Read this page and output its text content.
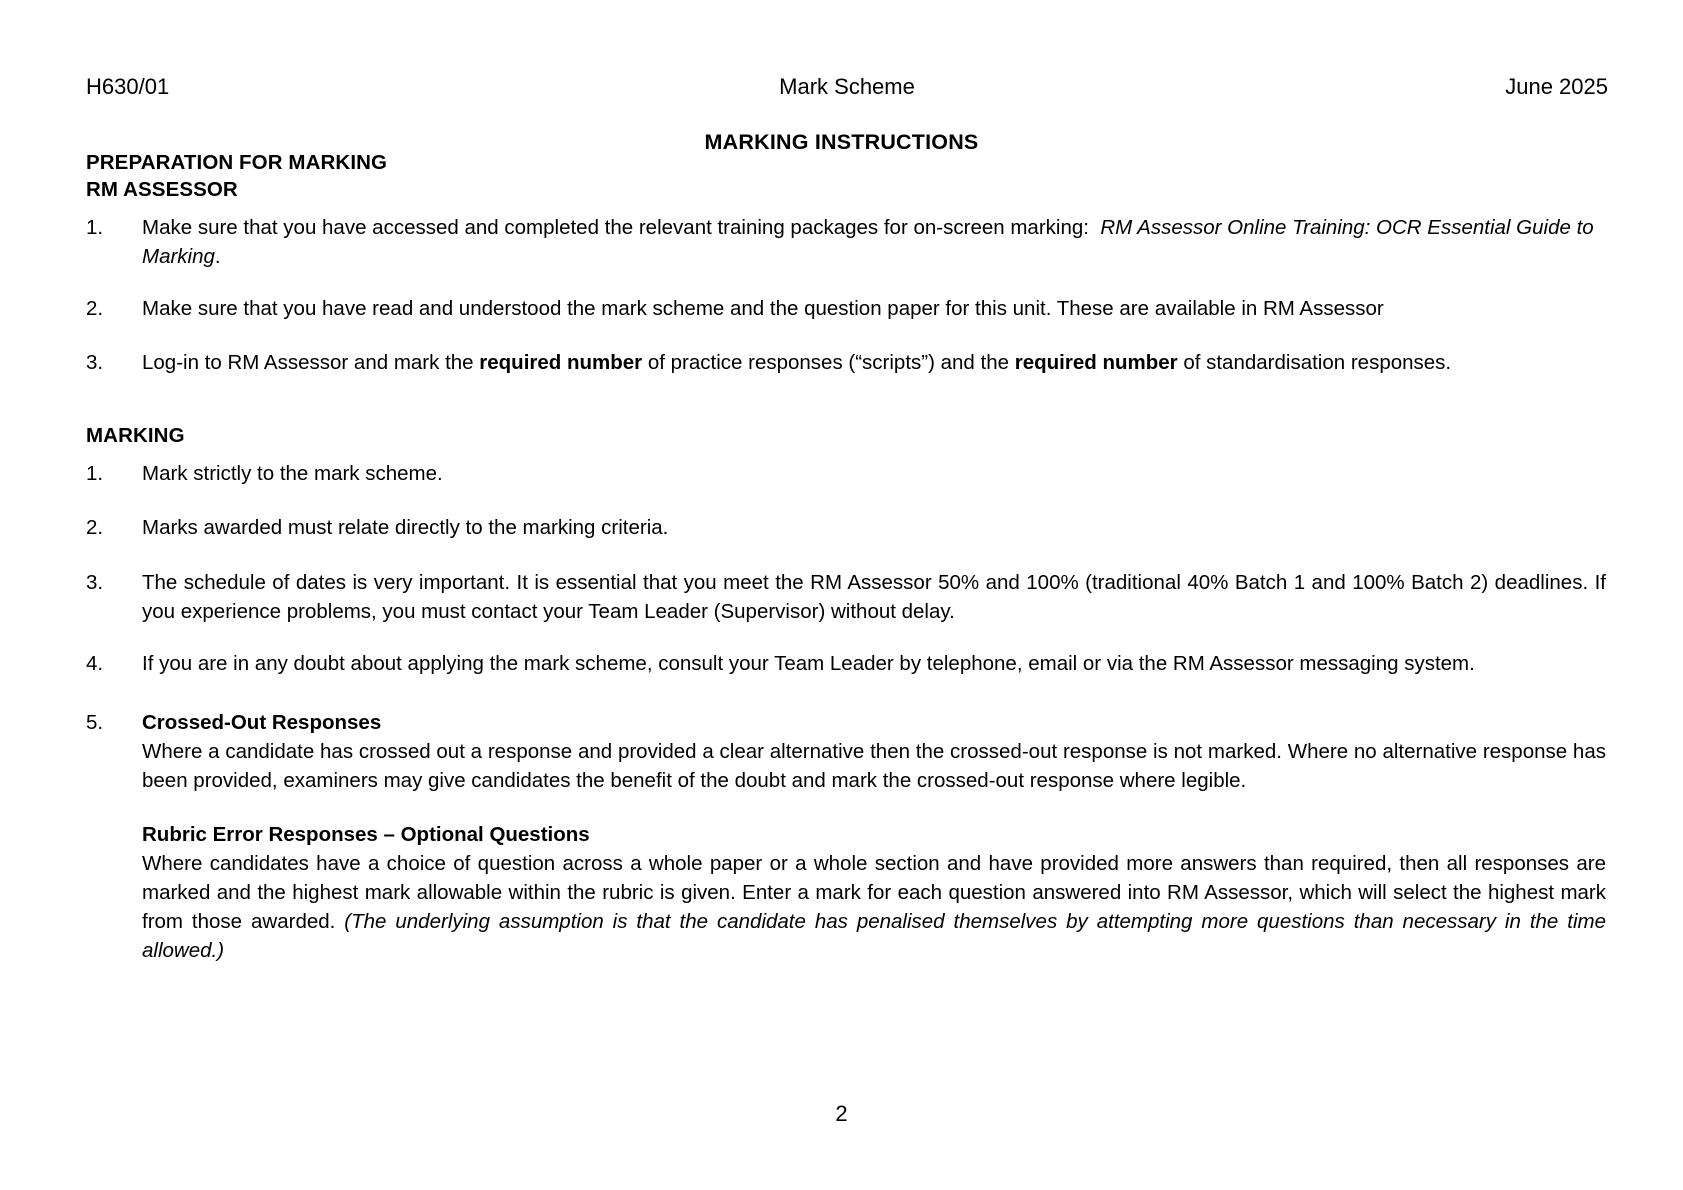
H630/01	Mark Scheme	June 2025
MARKING INSTRUCTIONS
PREPARATION FOR MARKING
RM ASSESSOR
1. Make sure that you have accessed and completed the relevant training packages for on-screen marking: RM Assessor Online Training: OCR Essential Guide to Marking.
2. Make sure that you have read and understood the mark scheme and the question paper for this unit. These are available in RM Assessor
3. Log-in to RM Assessor and mark the required number of practice responses (“scripts”) and the required number of standardisation responses.
MARKING
1. Mark strictly to the mark scheme.
2. Marks awarded must relate directly to the marking criteria.
3. The schedule of dates is very important. It is essential that you meet the RM Assessor 50% and 100% (traditional 40% Batch 1 and 100% Batch 2) deadlines. If you experience problems, you must contact your Team Leader (Supervisor) without delay.
4. If you are in any doubt about applying the mark scheme, consult your Team Leader by telephone, email or via the RM Assessor messaging system.
5. Crossed-Out Responses
Where a candidate has crossed out a response and provided a clear alternative then the crossed-out response is not marked. Where no alternative response has been provided, examiners may give candidates the benefit of the doubt and mark the crossed-out response where legible.
Rubric Error Responses – Optional Questions
Where candidates have a choice of question across a whole paper or a whole section and have provided more answers than required, then all responses are marked and the highest mark allowable within the rubric is given. Enter a mark for each question answered into RM Assessor, which will select the highest mark from those awarded. (The underlying assumption is that the candidate has penalised themselves by attempting more questions than necessary in the time allowed.)
2
